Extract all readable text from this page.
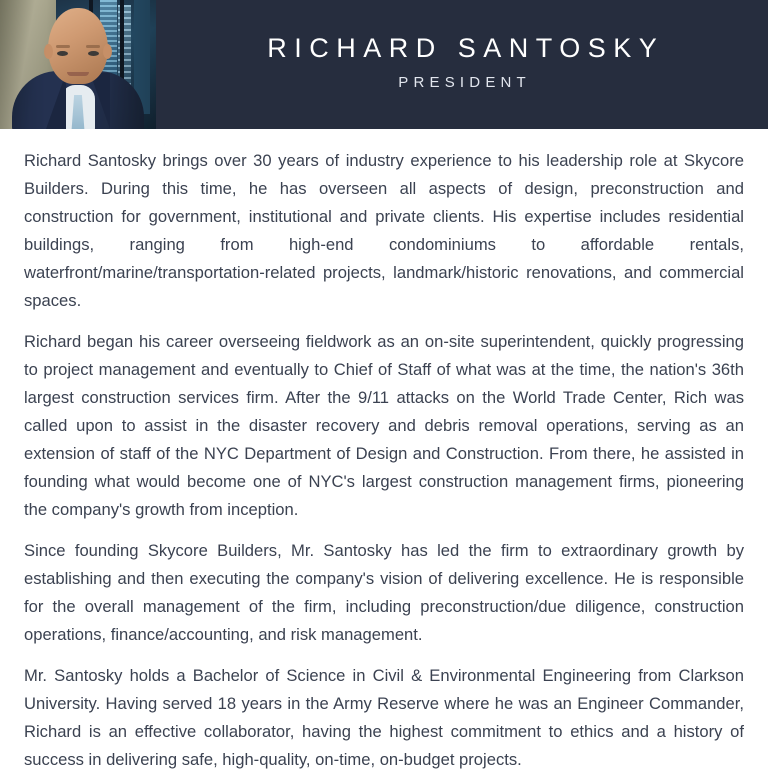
RICHARD SANTOSKY
PRESIDENT

Richard Santosky brings over 30 years of industry experience to his leadership role at Skycore Builders. During this time, he has overseen all aspects of design, preconstruction and construction for government, institutional and private clients. His expertise includes residential buildings, ranging from high-end condominiums to affordable rentals, waterfront/marine/transportation-related projects, landmark/historic renovations, and commercial spaces.

Richard began his career overseeing fieldwork as an on-site superintendent, quickly progressing to project management and eventually to Chief of Staff of what was at the time, the nation's 36th largest construction services firm. After the 9/11 attacks on the World Trade Center, Rich was called upon to assist in the disaster recovery and debris removal operations, serving as an extension of staff of the NYC Department of Design and Construction. From there, he assisted in founding what would become one of NYC's largest construction management firms, pioneering the company's growth from inception.

Since founding Skycore Builders, Mr. Santosky has led the firm to extraordinary growth by establishing and then executing the company's vision of delivering excellence. He is responsible for the overall management of the firm, including preconstruction/due diligence, construction operations, finance/accounting, and risk management.

Mr. Santosky holds a Bachelor of Science in Civil & Environmental Engineering from Clarkson University. Having served 18 years in the Army Reserve where he was an Engineer Commander, Richard is an effective collaborator, having the highest commitment to ethics and a history of success in delivering safe, high-quality, on-time, on-budget projects.
